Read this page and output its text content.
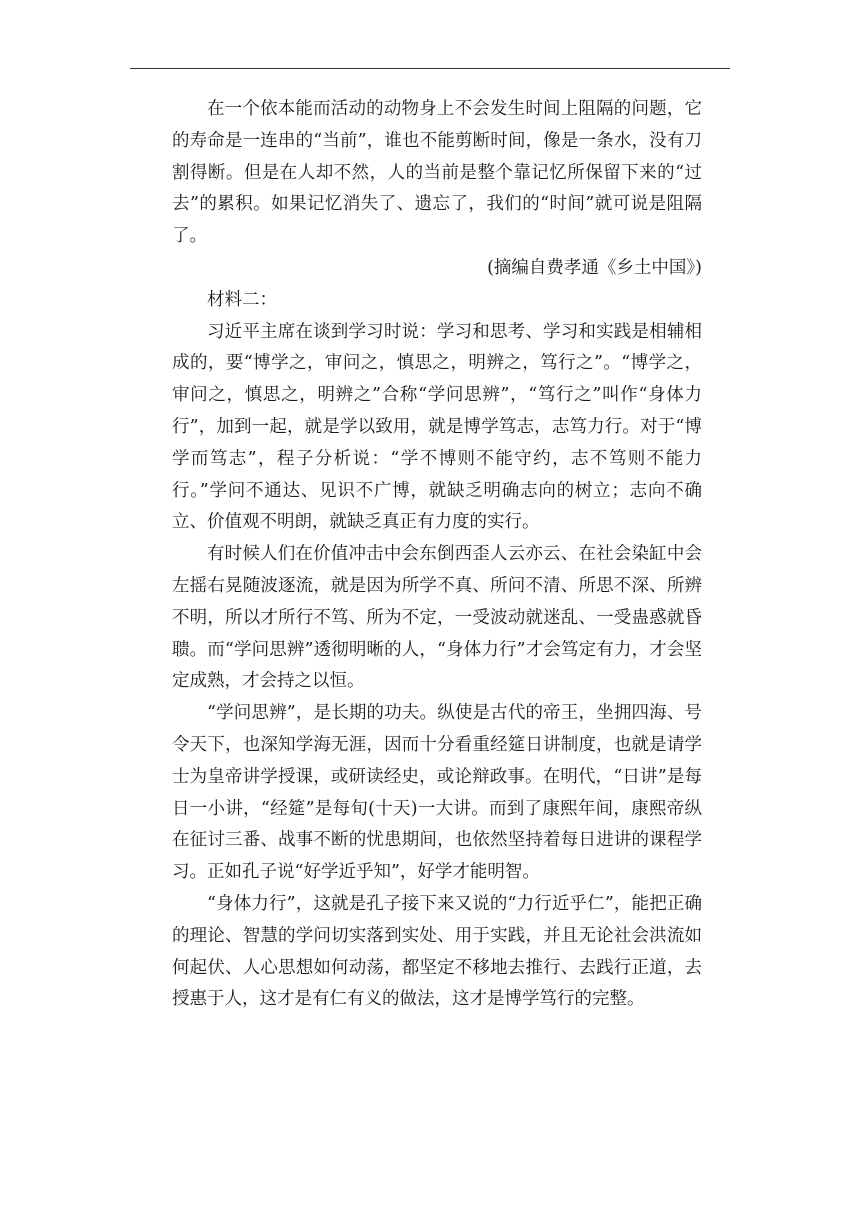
在一个依本能而活动的动物身上不会发生时间上阻隔的问题，它的寿命是一连串的“当前”，谁也不能剪断时间，像是一条水，没有刀割得断。但是在人却不然，人的当前是整个靠记忆所保留下来的“过去”的累积。如果记忆消失了、遗忘了，我们的“时间”就可说是阻隔了。

(摘编自费孝通《乡土中国》)

材料二：

习近平主席在谈到学习时说：学习和思考、学习和实践是相辅相成的，要“博学之，审问之，慎思之，明辨之，笃行之”。“博学之，审问之，慎思之，明辨之”合称“学问思辨”，“笃行之”叫作“身体力行”，加到一起，就是学以致用，就是博学笃志，志笃力行。对于“博学而笃志”，程子分析说：“学不博则不能守约，志不笃则不能力行。”学问不通达、见识不广博，就缺乏明确志向的树立；志向不确立、价值观不明朗，就缺乏真正有力度的实行。

有时候人们在价值冲击中会东倒西歪人云亦云、在社会染缸中会左摇右晃随波逐流，就是因为所学不真、所问不清、所思不深、所辨不明，所以才所行不笃、所为不定，一受波动就迷乱、一受蛊惑就昏聩。而“学问思辨”透彻明晰的人，“身体力行”才会笃定有力，才会坚定成熟，才会持之以恒。

“学问思辨”，是长期的功夫。纵使是古代的帝王，坐拥四海、号令天下，也深知学海无涯，因而十分看重经筵日讲制度，也就是请学士为皇帝讲学授课，或研读经史，或论辩政事。在明代，“日讲”是每日一小讲，“经筵”是每旬(十天)一大讲。而到了康熙年间，康熙帝纵在征讨三番、战事不断的忧患期间，也依然坚持着每日进讲的课程学习。正如孔子说“好学近乎知”，好学才能明智。

“身体力行”，这就是孔子接下来又说的“力行近乎仁”，能把正确的理论、智慧的学问切实落到实处、用于实践，并且无论社会洪流如何起伏、人心思想如何动荡，都坚定不移地去推行、去践行正道，去授惠于人，这才是有仁有义的做法，这才是博学笃行的完整。
